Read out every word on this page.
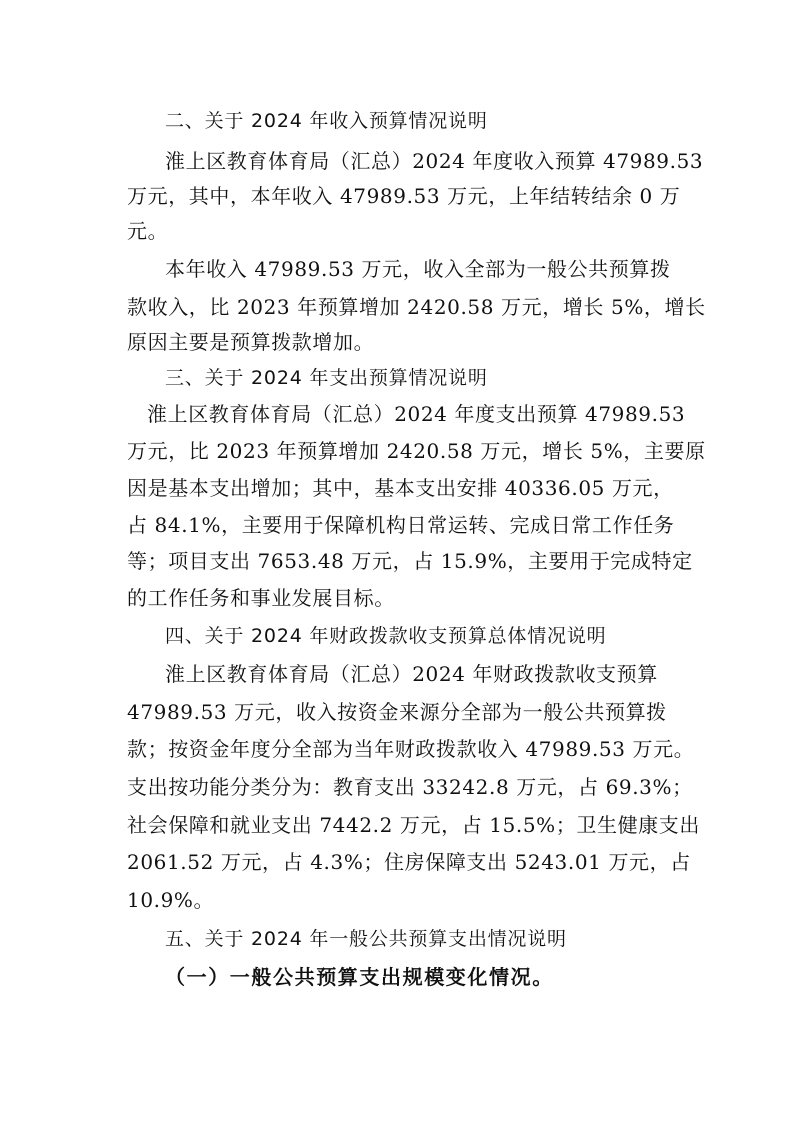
二、关于 2024 年收入预算情况说明
淮上区教育体育局（汇总）2024 年度收入预算 47989.53
万元，其中，本年收入 47989.53 万元，上年结转结余 0 万
元。
本年收入 47989.53 万元，收入全部为一般公共预算拨
款收入，比 2023 年预算增加 2420.58 万元，增长 5%，增长
原因主要是预算拨款增加。
三、关于 2024 年支出预算情况说明
淮上区教育体育局（汇总）2024 年度支出预算 47989.53
万元，比 2023 年预算增加 2420.58 万元，增长 5%，主要原
因是基本支出增加；其中，基本支出安排 40336.05 万元，
占 84.1%，主要用于保障机构日常运转、完成日常工作任务
等；项目支出 7653.48 万元，占 15.9%，主要用于完成特定
的工作任务和事业发展目标。
四、关于 2024 年财政拨款收支预算总体情况说明
淮上区教育体育局（汇总）2024 年财政拨款收支预算
47989.53 万元，收入按资金来源分全部为一般公共预算拨
款；按资金年度分全部为当年财政拨款收入 47989.53 万元。
支出按功能分类分为：教育支出 33242.8 万元，占 69.3%；
社会保障和就业支出 7442.2 万元，占 15.5%；卫生健康支出
2061.52 万元，占 4.3%；住房保障支出 5243.01 万元，占
10.9%。
五、关于 2024 年一般公共预算支出情况说明
（一）一般公共预算支出规模变化情况。
